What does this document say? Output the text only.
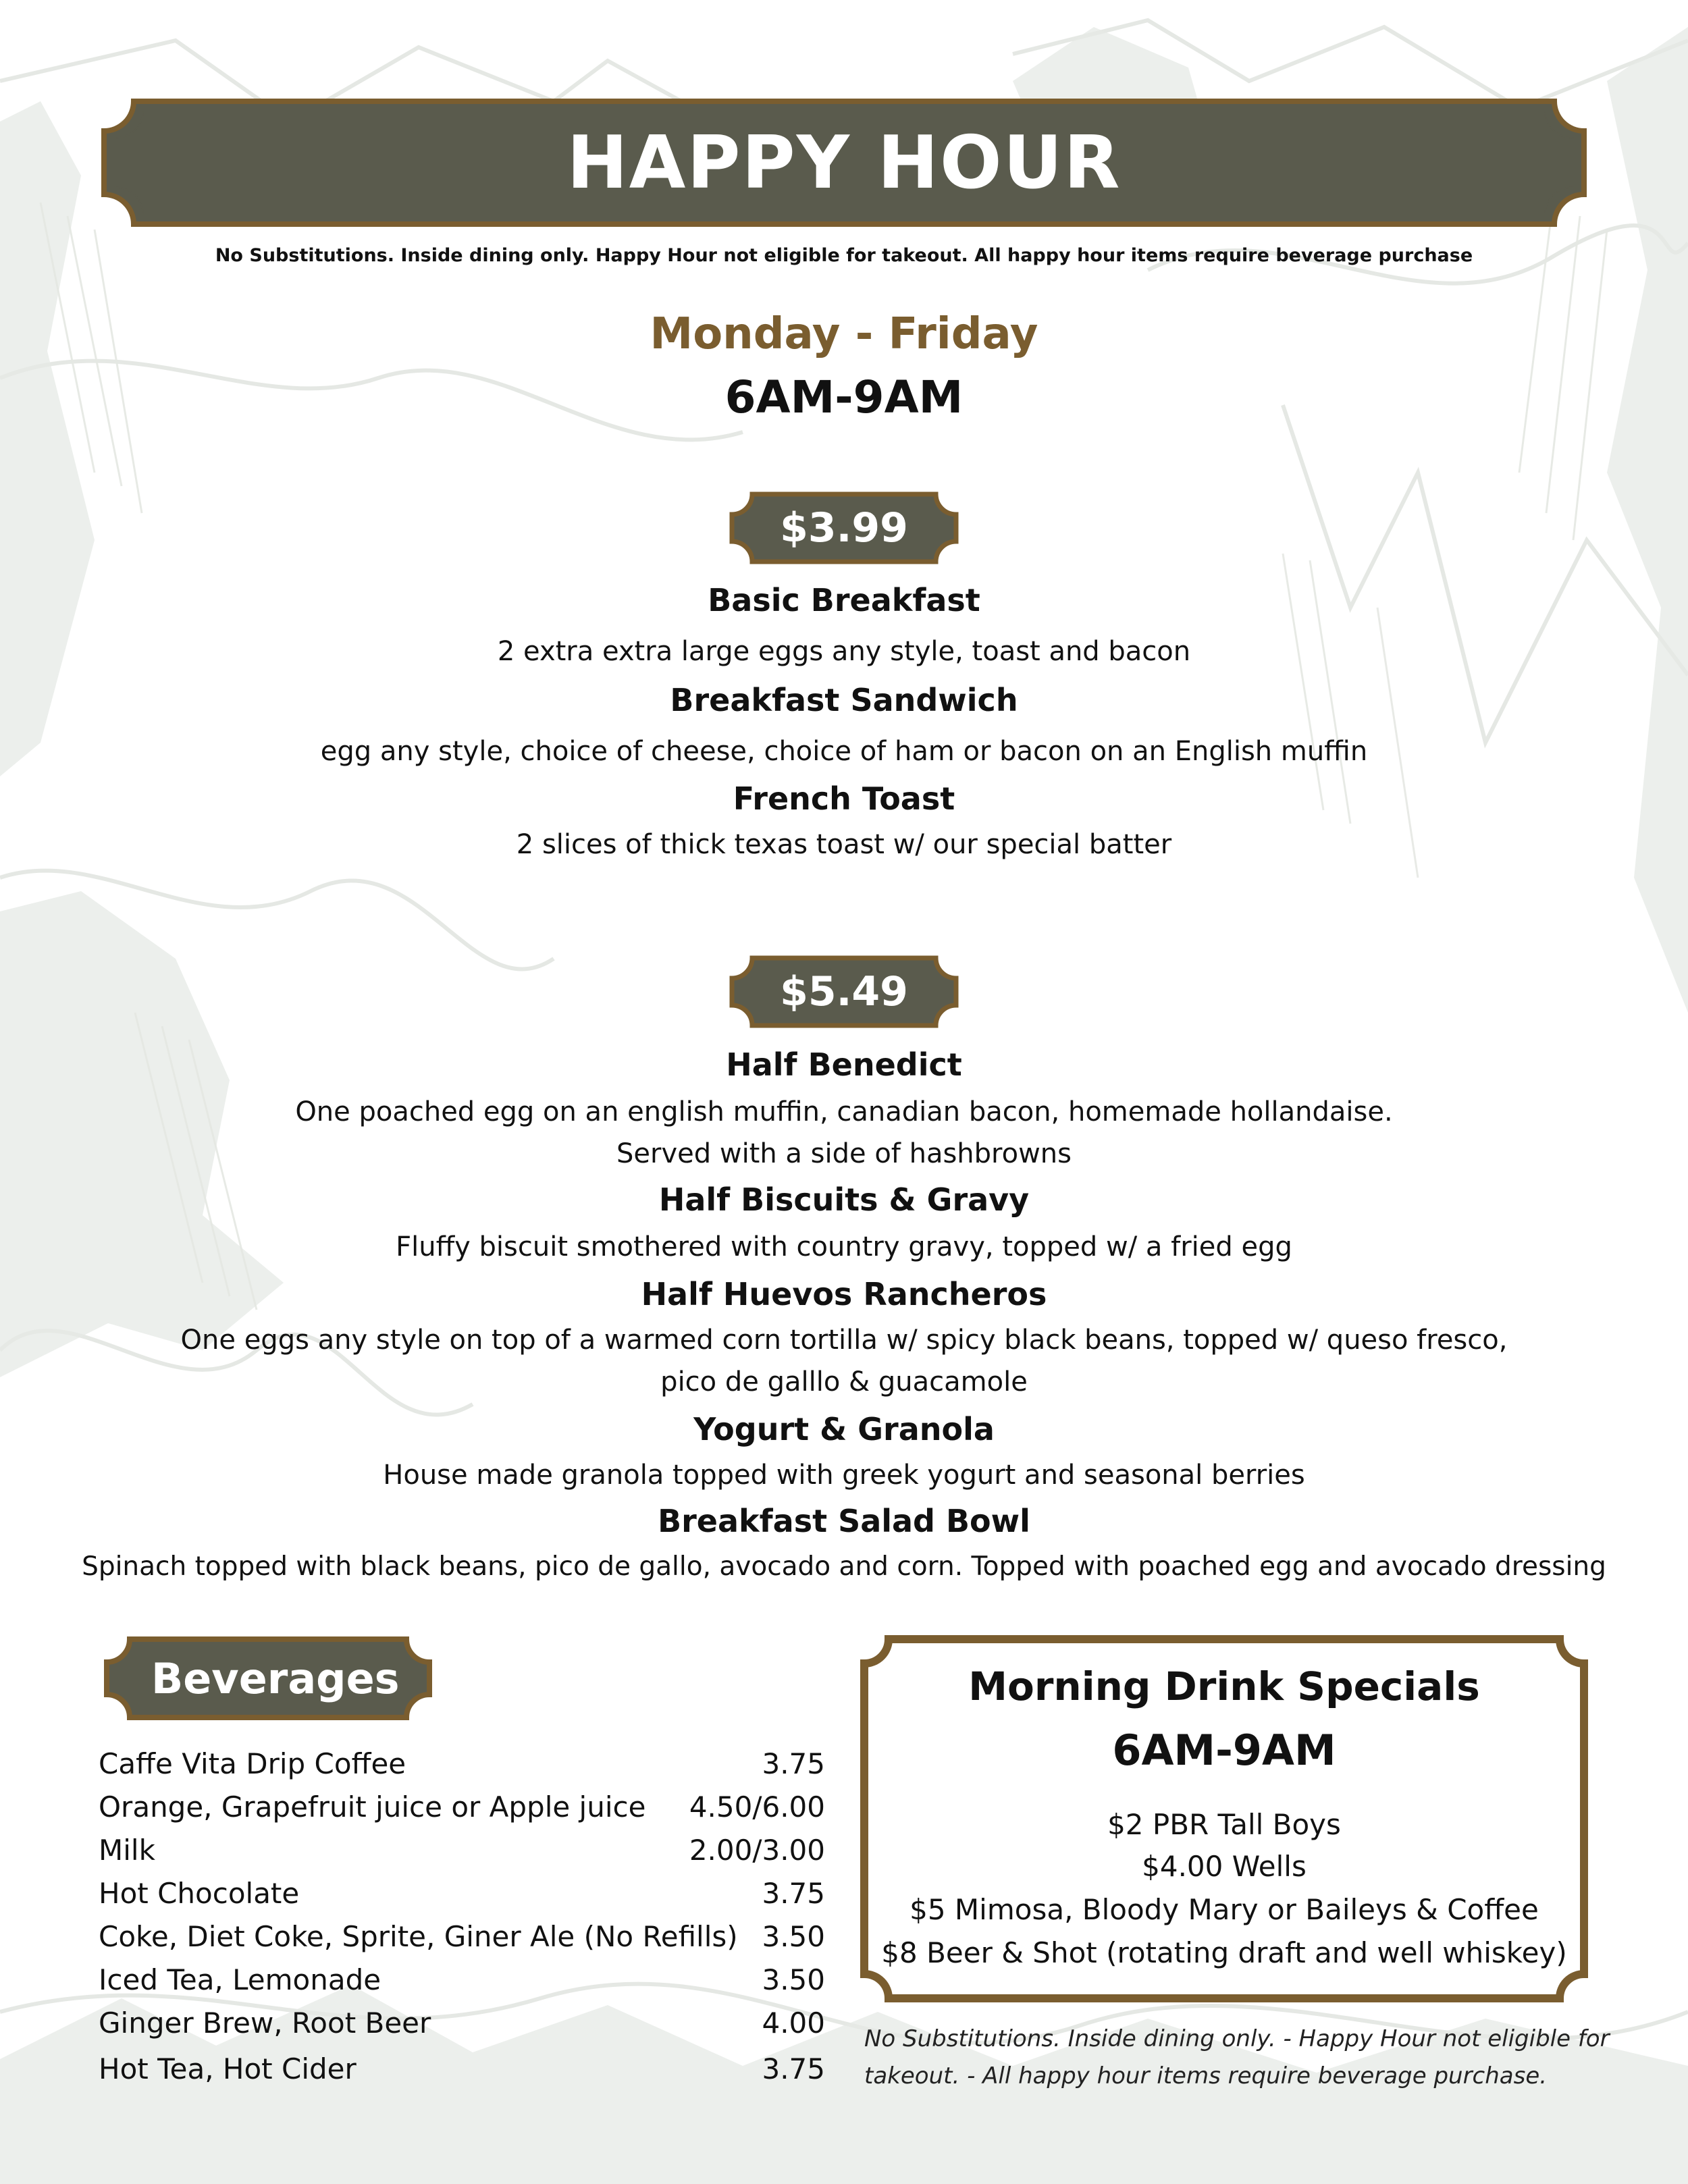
HAPPY HOUR
No Substitutions. Inside dining only. Happy Hour not eligible for takeout. All happy hour items require beverage purchase
Monday - Friday
6AM-9AM
$3.99
Basic Breakfast
2 extra extra large eggs any style, toast and bacon
Breakfast Sandwich
egg any style, choice of cheese, choice of ham or bacon on an English muffin
French Toast
2 slices of thick texas toast w/ our special batter
$5.49
Half Benedict
One poached egg on an english muffin, canadian bacon, homemade hollandaise.
Served with a side of hashbrowns
Half Biscuits & Gravy
Fluffy biscuit smothered with country gravy, topped w/ a fried egg
Half Huevos Rancheros
One eggs any style on top of a warmed corn tortilla w/ spicy black beans, topped w/ queso fresco,
pico de galllo & guacamole
Yogurt & Granola
House made granola topped with greek yogurt and seasonal berries
Breakfast Salad Bowl
Spinach topped with black beans, pico de gallo, avocado and corn. Topped with poached egg and avocado dressing
Beverages
Caffe Vita Drip Coffee	3.75
Orange, Grapefruit juice or Apple juice 4.50/6.00
Milk	2.00/3.00
Hot Chocolate	3.75
Coke, Diet Coke, Sprite, Giner Ale (No Refills) 3.50
Iced Tea, Lemonade	3.50
Ginger Brew, Root Beer	4.00
Hot Tea, Hot Cider	3.75
Morning Drink Specials
6AM-9AM
$2 PBR Tall Boys
$4.00 Wells
$5 Mimosa, Bloody Mary or Baileys & Coffee
$8 Beer & Shot (rotating draft and well whiskey)
No Substitutions. Inside dining only. - Happy Hour not eligible for
takeout. - All happy hour items require beverage purchase.
